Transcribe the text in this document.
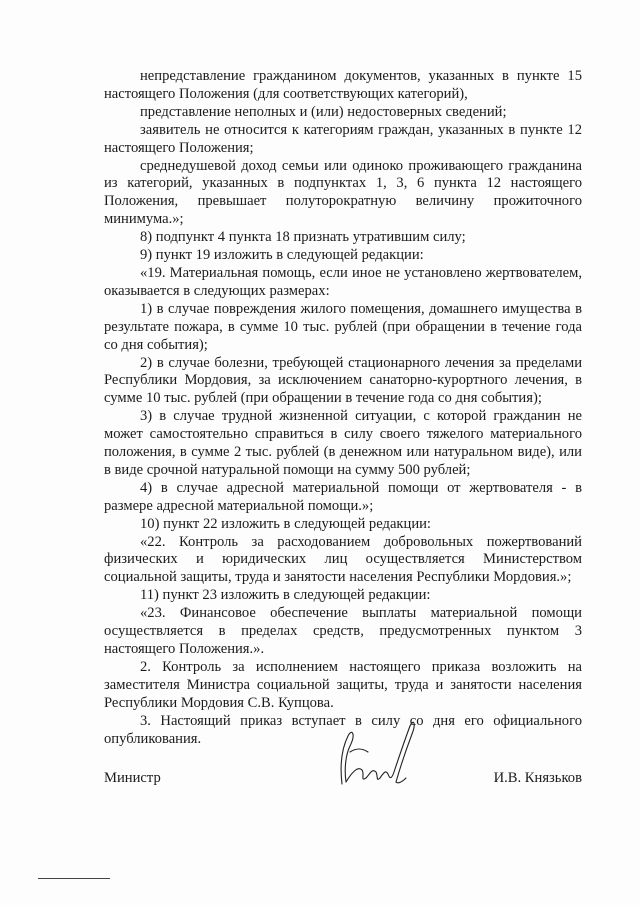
непредставление гражданином документов, указанных в пункте 15 настоящего Положения (для соответствующих категорий),

представление неполных и (или) недостоверных сведений;

заявитель не относится к категориям граждан, указанных в пункте 12 настоящего Положения;

среднедушевой доход семьи или одиноко проживающего гражданина из категорий, указанных в подпунктах 1, 3, 6 пункта 12 настоящего Положения, превышает полуторократную величину прожиточного минимума.»;

8) подпункт 4 пункта 18 признать утратившим силу;

9) пункт 19 изложить в следующей редакции:

«19. Материальная помощь, если иное не установлено жертвователем, оказывается в следующих размерах:

1) в случае повреждения жилого помещения, домашнего имущества в результате пожара, в сумме 10 тыс. рублей (при обращении в течение года со дня события);

2) в случае болезни, требующей стационарного лечения за пределами Республики Мордовия, за исключением санаторно-курортного лечения, в сумме 10 тыс. рублей (при обращении в течение года со дня события);

3) в случае трудной жизненной ситуации, с которой гражданин не может самостоятельно справиться в силу своего тяжелого материального положения, в сумме 2 тыс. рублей (в денежном или натуральном виде), или в виде срочной натуральной помощи на сумму 500 рублей;

4) в случае адресной материальной помощи от жертвователя - в размере адресной материальной помощи.»;

10) пункт 22 изложить в следующей редакции:

«22. Контроль за расходованием добровольных пожертвований физических и юридических лиц осуществляется Министерством социальной защиты, труда и занятости населения Республики Мордовия.»;

11) пункт 23 изложить в следующей редакции:

«23. Финансовое обеспечение выплаты материальной помощи осуществляется в пределах средств, предусмотренных пунктом 3 настоящего Положения.».

2. Контроль за исполнением настоящего приказа возложить на заместителя Министра социальной защиты, труда и занятости населения Республики Мордовия С.В. Купцова.

3. Настоящий приказ вступает в силу со дня его официального опубликования.

Министр	И.В. Князьков
